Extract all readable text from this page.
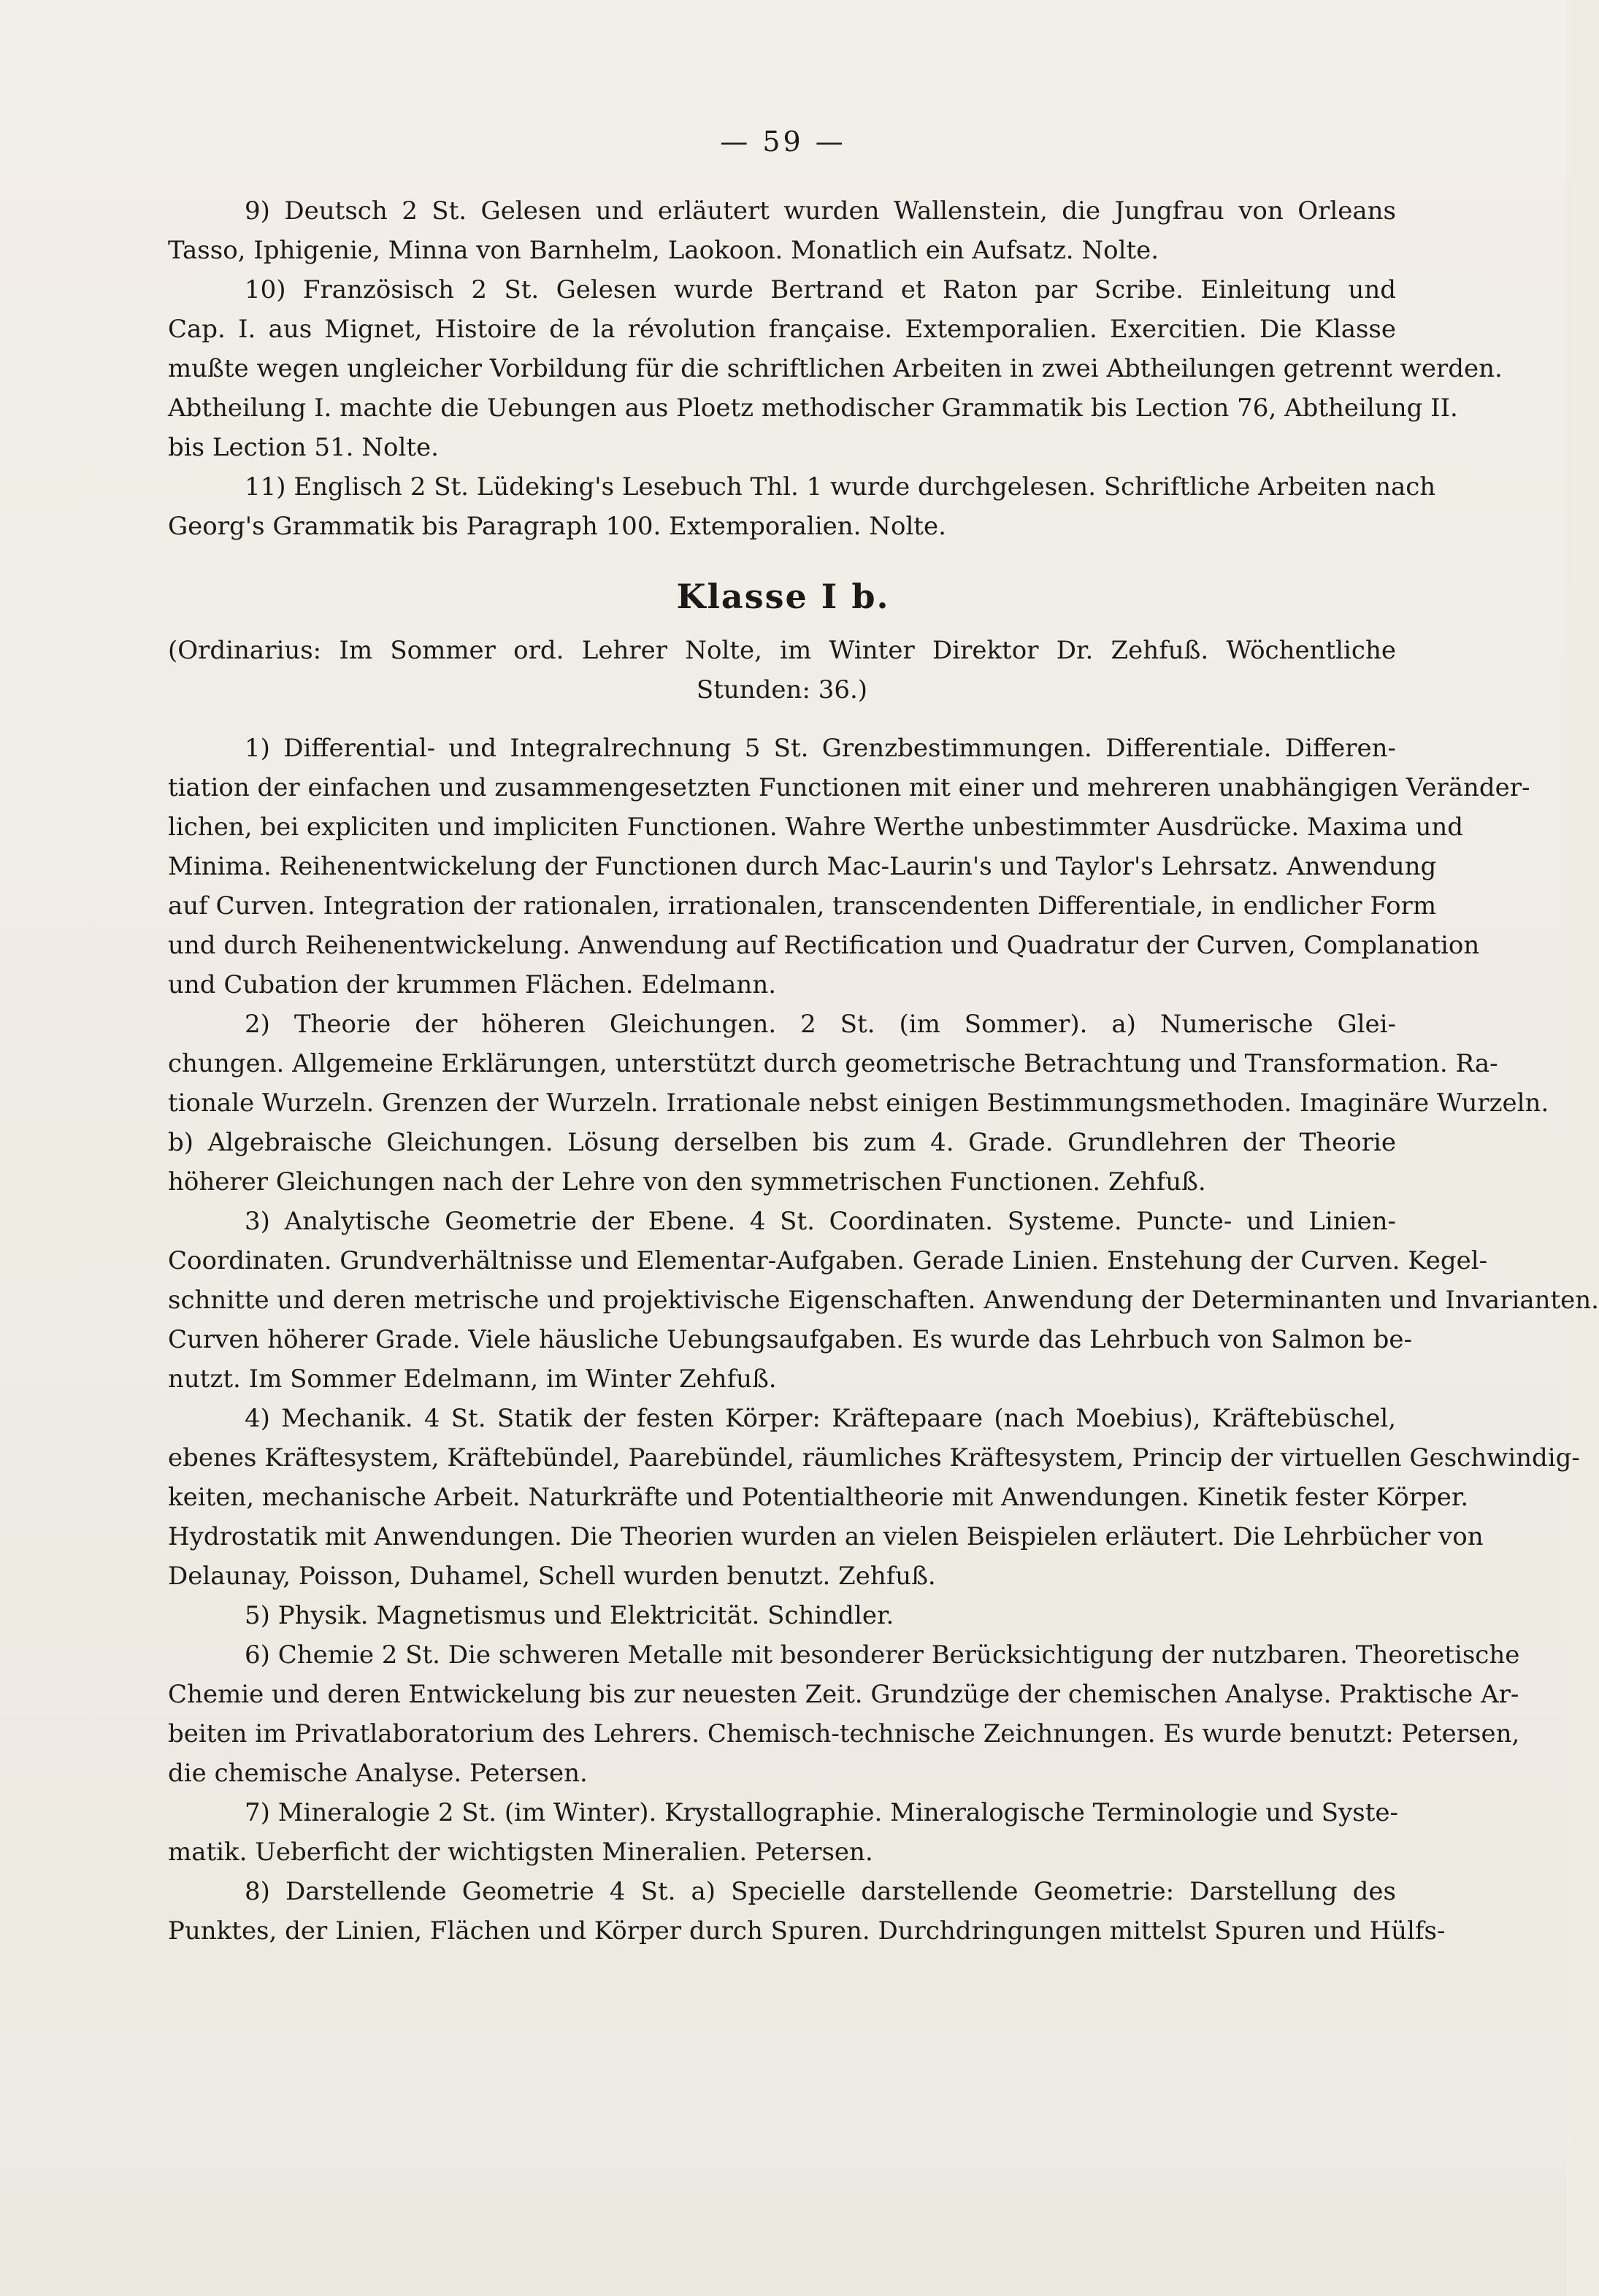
— 59 —
9) Deutsch 2 St. Gelesen und erläutert wurden Wallenstein, die Jungfrau von Orleans
Tasso, Iphigenie, Minna von Barnhelm, Laokoon. Monatlich ein Aufsatz. Nolte.
10) Französisch 2 St. Gelesen wurde Bertrand et Raton par Scribe. Einleitung und
Cap. I. aus Mignet, Histoire de la révolution française. Extemporalien. Exercitien. Die Klasse
mußte wegen ungleicher Vorbildung für die schriftlichen Arbeiten in zwei Abtheilungen getrennt werden.
Abtheilung I. machte die Uebungen aus Ploetz methodischer Grammatik bis Lection 76, Abtheilung II.
bis Lection 51. Nolte.
11) Englisch 2 St. Lüdeking's Lesebuch Thl. 1 wurde durchgelesen. Schriftliche Arbeiten nach
Georg's Grammatik bis Paragraph 100. Extemporalien. Nolte.
Klasse I b.
(Ordinarius: Im Sommer ord. Lehrer Nolte, im Winter Direktor Dr. Zehfuß. Wöchentliche
Stunden: 36.)
1) Differential- und Integralrechnung 5 St. Grenzbestimmungen. Differentiale. Differen-
tiation der einfachen und zusammengesetzten Functionen mit einer und mehreren unabhängigen Veränder-
lichen, bei expliciten und impliciten Functionen. Wahre Werthe unbestimmter Ausdrücke. Maxima und
Minima. Reihenentwickelung der Functionen durch Mac-Laurin's und Taylor's Lehrsatz. Anwendung
auf Curven. Integration der rationalen, irrationalen, transcendenten Differentiale, in endlicher Form
und durch Reihenentwickelung. Anwendung auf Rectification und Quadratur der Curven, Complanation
und Cubation der krummen Flächen. Edelmann.
2) Theorie der höheren Gleichungen. 2 St. (im Sommer). a) Numerische Glei-
chungen. Allgemeine Erklärungen, unterstützt durch geometrische Betrachtung und Transformation. Ra-
tionale Wurzeln. Grenzen der Wurzeln. Irrationale nebst einigen Bestimmungsmethoden. Imaginäre Wurzeln.
b) Algebraische Gleichungen. Lösung derselben bis zum 4. Grade. Grundlehren der Theorie
höherer Gleichungen nach der Lehre von den symmetrischen Functionen. Zehfuß.
3) Analytische Geometrie der Ebene. 4 St. Coordinaten. Systeme. Puncte- und Linien-
Coordinaten. Grundverhältnisse und Elementar-Aufgaben. Gerade Linien. Enstehung der Curven. Kegel-
schnitte und deren metrische und projektivische Eigenschaften. Anwendung der Determinanten und Invarianten.
Curven höherer Grade. Viele häusliche Uebungsaufgaben. Es wurde das Lehrbuch von Salmon be-
nutzt. Im Sommer Edelmann, im Winter Zehfuß.
4) Mechanik. 4 St. Statik der festen Körper: Kräftepaare (nach Moebius), Kräftebüschel,
ebenes Kräftesystem, Kräftebündel, Paarebündel, räumliches Kräftesystem, Princip der virtuellen Geschwindig-
keiten, mechanische Arbeit. Naturkräfte und Potentialtheorie mit Anwendungen. Kinetik fester Körper.
Hydrostatik mit Anwendungen. Die Theorien wurden an vielen Beispielen erläutert. Die Lehrbücher von
Delaunay, Poisson, Duhamel, Schell wurden benutzt. Zehfuß.
5) Physik. Magnetismus und Elektricität. Schindler.
6) Chemie 2 St. Die schweren Metalle mit besonderer Berücksichtigung der nutzbaren. Theoretische
Chemie und deren Entwickelung bis zur neuesten Zeit. Grundzüge der chemischen Analyse. Praktische Ar-
beiten im Privatlaboratorium des Lehrers. Chemisch-technische Zeichnungen. Es wurde benutzt: Petersen,
die chemische Analyse. Petersen.
7) Mineralogie 2 St. (im Winter). Krystallographie. Mineralogische Terminologie und Syste-
matik. Ueberficht der wichtigsten Mineralien. Petersen.
8) Darstellende Geometrie 4 St. a) Specielle darstellende Geometrie: Darstellung des
Punktes, der Linien, Flächen und Körper durch Spuren. Durchdringungen mittelst Spuren und Hülfs-
